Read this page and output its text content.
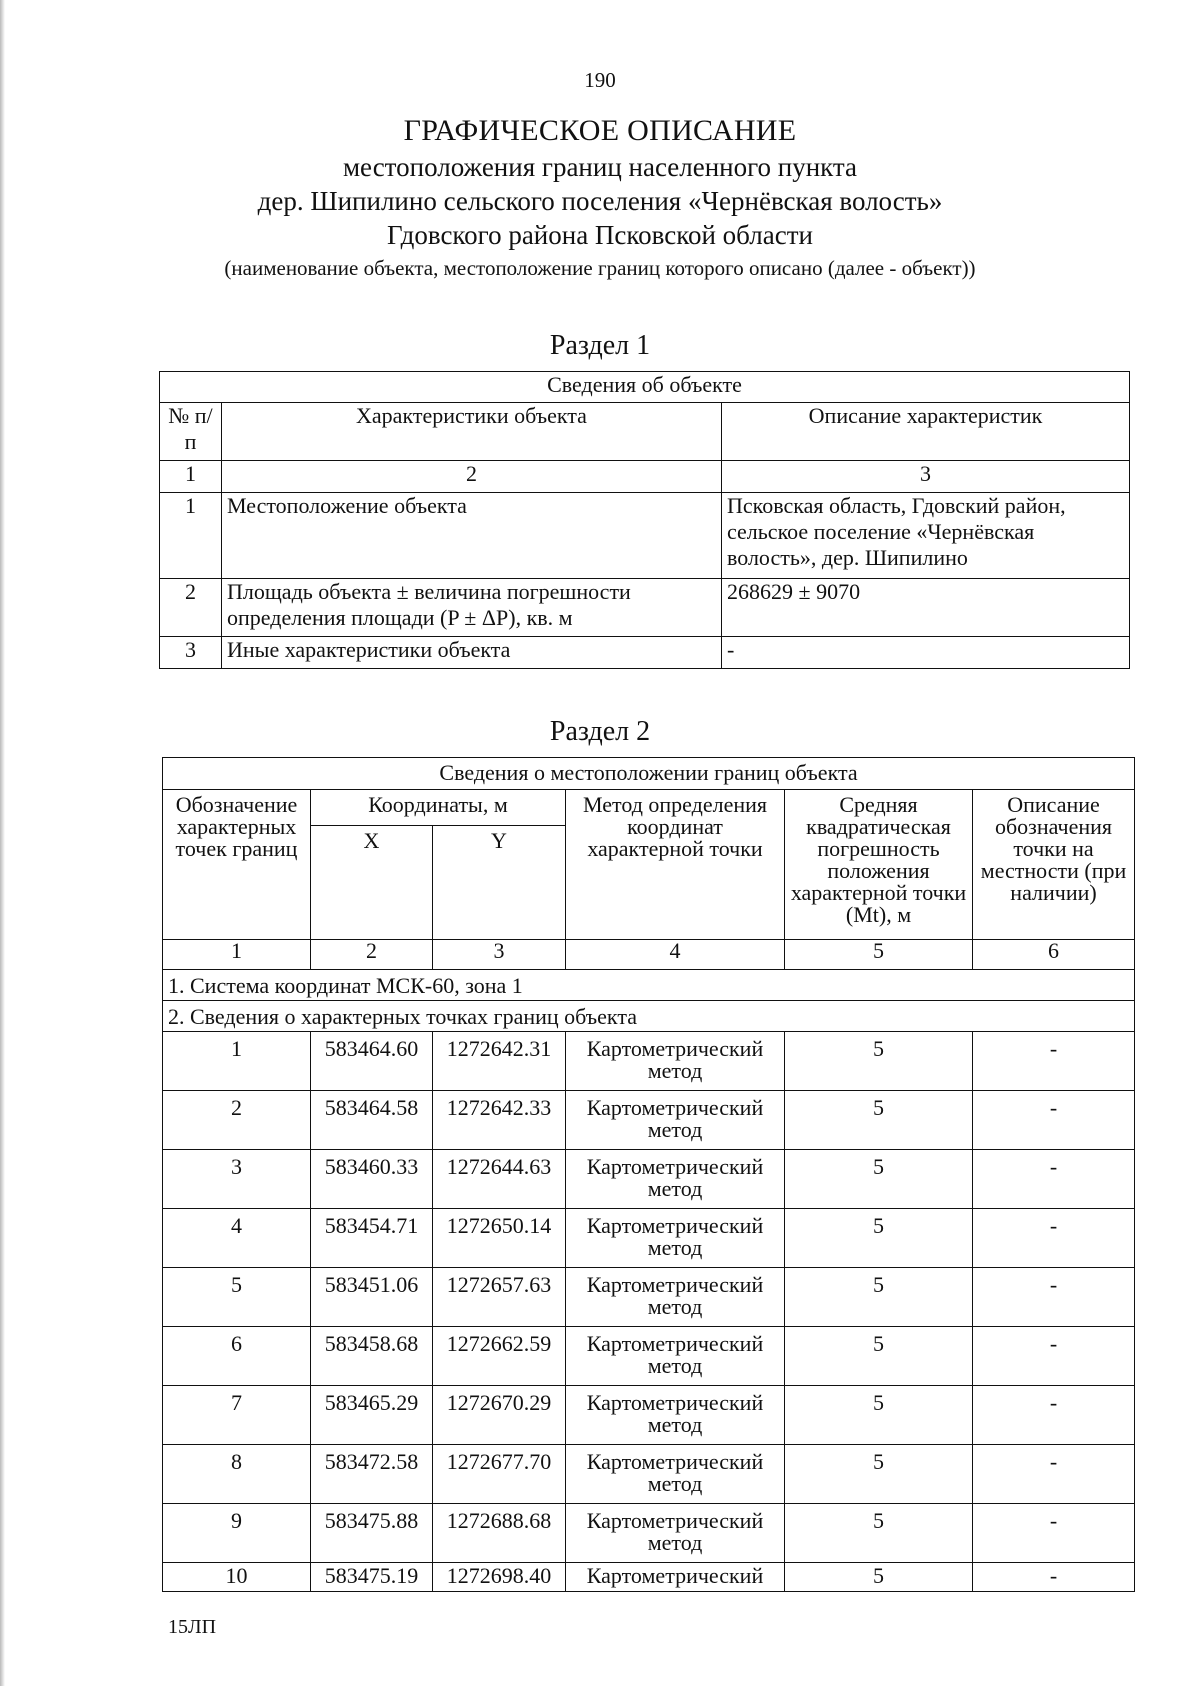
190
ГРАФИЧЕСКОЕ ОПИСАНИЕ
местоположения границ населенного пункта
дер. Шипилино сельского поселения «Чернёвская волость»
Гдовского района Псковской области
(наименование объекта, местоположение границ которого описано (далее - объект))
Раздел 1
Сведения об объекте		
№ п/п	Характеристики объекта	Описание характеристик
1	2	3
1	Местоположение объекта	Псковская область, Гдовский район, сельское поселение «Чернёвская волость», дер. Шипилино
2	Площадь объекта ± величина погрешности определения площади (P ± ΔP), кв. м	268629 ± 9070
3	Иные характеристики объекта	-
Раздел 2
Сведения о местоположении границ объекта					
Обозначение характерных точек границ	Координаты, м		Метод определения координат характерной точки	Средняя квадратическая погрешность положения характерной точки (Mt), м	Описание обозначения точки на местности (при наличии)
	X	Y			
1	2	3	4	5	6
1. Система координат МСК-60, зона 1					
2. Сведения о характерных точках границ объекта					
1	583464.60	1272642.31	Картометрический метод	5	-
2	583464.58	1272642.33	Картометрический метод	5	-
3	583460.33	1272644.63	Картометрический метод	5	-
4	583454.71	1272650.14	Картометрический метод	5	-
5	583451.06	1272657.63	Картометрический метод	5	-
6	583458.68	1272662.59	Картометрический метод	5	-
7	583465.29	1272670.29	Картометрический метод	5	-
8	583472.58	1272677.70	Картометрический метод	5	-
9	583475.88	1272688.68	Картометрический метод	5	-
10	583475.19	1272698.40	Картометрический	5	-
15ЛП
